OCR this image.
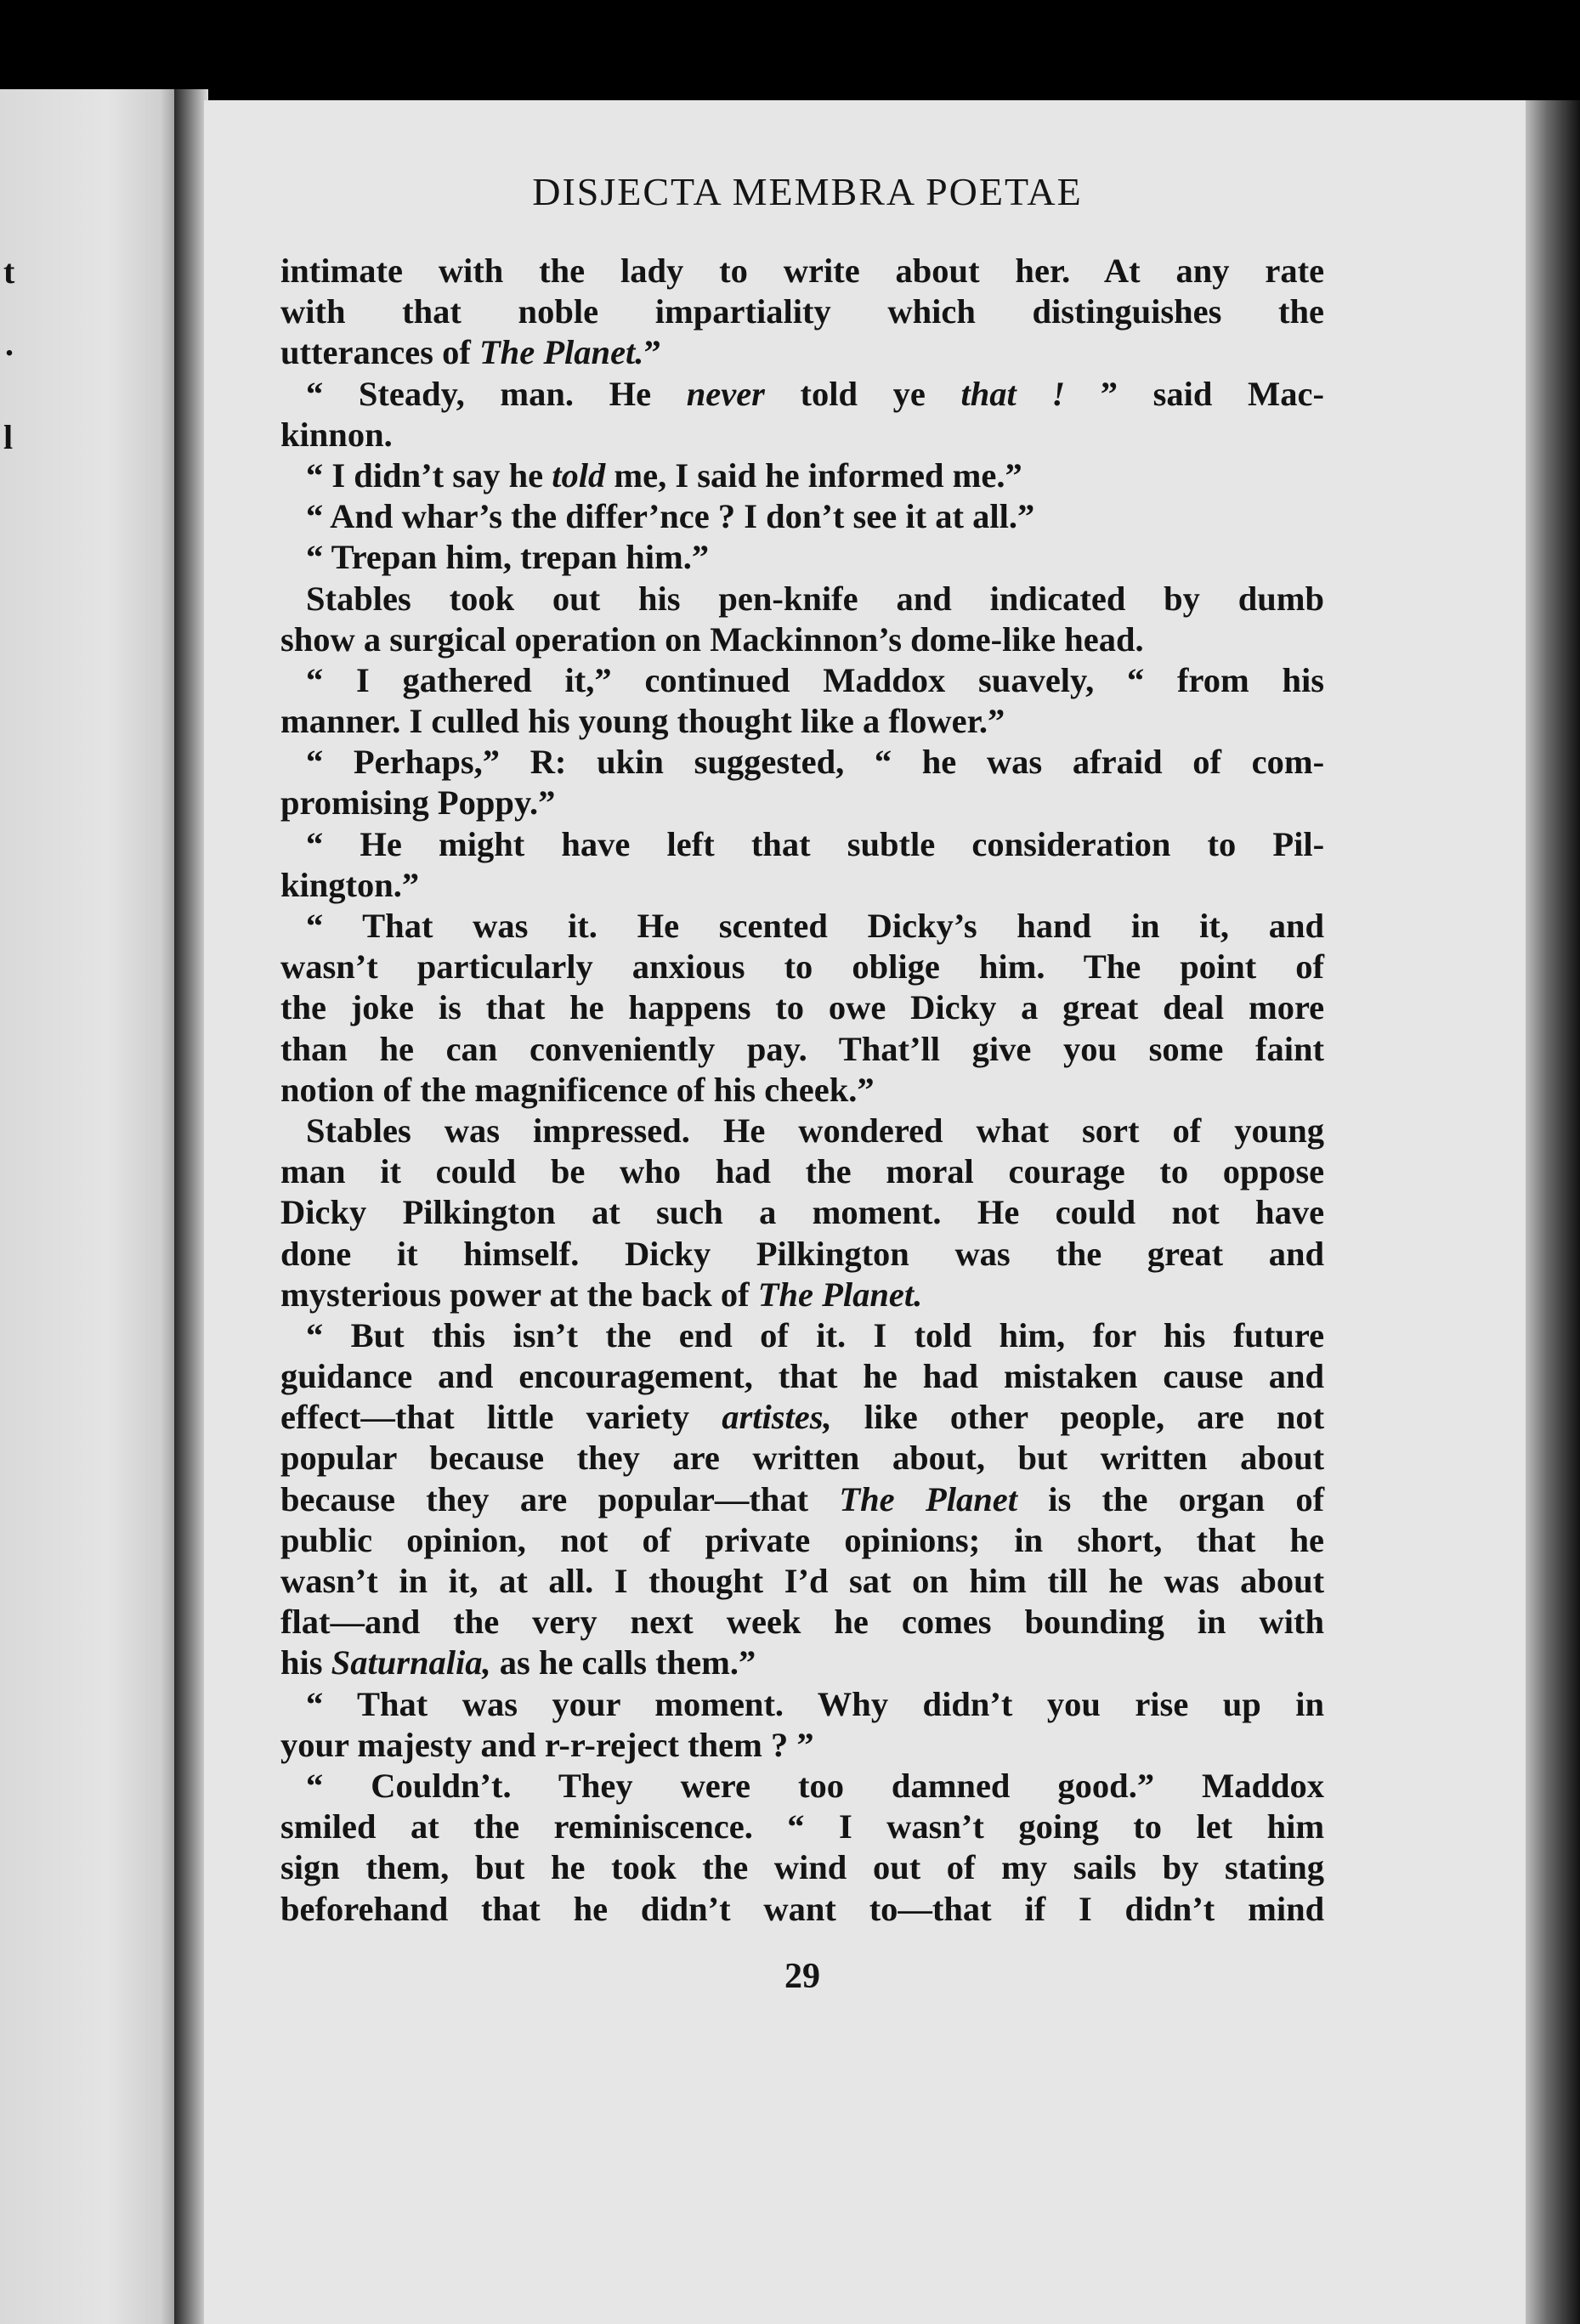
t
.
l
DISJECTA MEMBRA POETAE
intimate with the lady to write about her. At any rate
with that noble impartiality which distinguishes the
utterances of The Planet.”
“ Steady, man. He never told ye that ! ” said Mac-
kinnon.
“ I didn’t say he told me, I said he informed me.”
“ And whar’s the differ’nce ? I don’t see it at all.”
“ Trepan him, trepan him.”
Stables took out his pen-knife and indicated by dumb
show a surgical operation on Mackinnon’s dome-like head.
“ I gathered it,” continued Maddox suavely, “ from his
manner. I culled his young thought like a flower.”
“ Perhaps,” R: ukin suggested, “ he was afraid of com-
promising Poppy.”
“ He might have left that subtle consideration to Pil-
kington.”
“ That was it. He scented Dicky’s hand in it, and
wasn’t particularly anxious to oblige him. The point of
the joke is that he happens to owe Dicky a great deal more
than he can conveniently pay. That’ll give you some faint
notion of the magnificence of his cheek.”
Stables was impressed. He wondered what sort of young
man it could be who had the moral courage to oppose
Dicky Pilkington at such a moment. He could not have
done it himself. Dicky Pilkington was the great and
mysterious power at the back of The Planet.
“ But this isn’t the end of it. I told him, for his future
guidance and encouragement, that he had mistaken cause and
effect—that little variety artistes, like other people, are not
popular because they are written about, but written about
because they are popular—that The Planet is the organ of
public opinion, not of private opinions; in short, that he
wasn’t in it, at all. I thought I’d sat on him till he was about
flat—and the very next week he comes bounding in with
his Saturnalia, as he calls them.”
“ That was your moment. Why didn’t you rise up in
your majesty and r-r-reject them ? ”
“ Couldn’t. They were too damned good.” Maddox
smiled at the reminiscence. “ I wasn’t going to let him
sign them, but he took the wind out of my sails by stating
beforehand that he didn’t want to—that if I didn’t mind
29
